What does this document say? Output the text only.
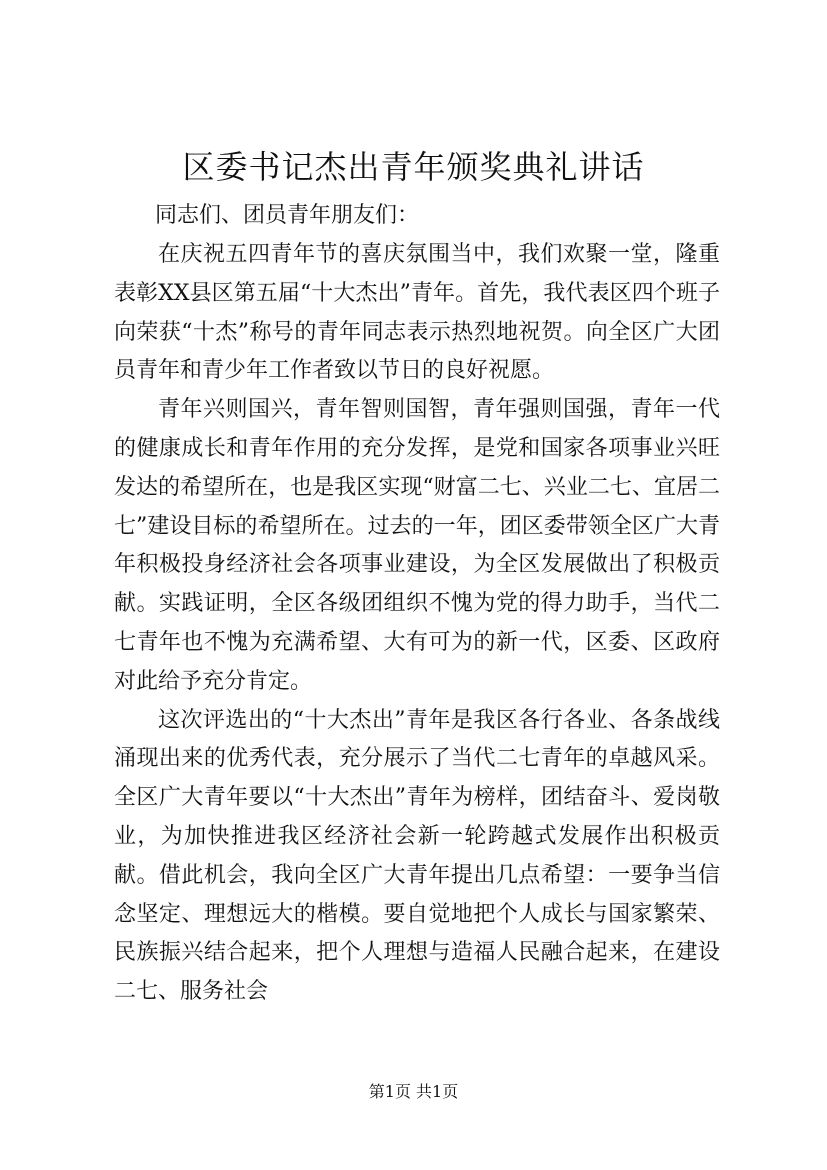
区委书记杰出青年颁奖典礼讲话
同志们、团员青年朋友们：

在庆祝五四青年节的喜庆氛围当中，我们欢聚一堂，隆重表彰XX县区第五届“十大杰出”青年。首先，我代表区四个班子向荣获“十杰”称号的青年同志表示热烈地祝贺。向全区广大团员青年和青少年工作者致以节日的良好祝愿。

青年兴则国兴，青年智则国智，青年强则国强，青年一代的健康成长和青年作用的充分发挥，是党和国家各项事业兴旺发达的希望所在，也是我区实现“财富二七、兴业二七、宜居二七”建设目标的希望所在。过去的一年，团区委带领全区广大青年积极投身经济社会各项事业建设，为全区发展做出了积极贡献。实践证明，全区各级团组织不愧为党的得力助手，当代二七青年也不愧为充满希望、大有可为的新一代，区委、区政府对此给予充分肯定。

这次评选出的“十大杰出”青年是我区各行各业、各条战线涌现出来的优秀代表，充分展示了当代二七青年的卓越风采。全区广大青年要以“十大杰出”青年为榜样，团结奋斗、爱岗敬业，为加快推进我区经济社会新一轮跨越式发展作出积极贡献。借此机会，我向全区广大青年提出几点希望：一要争当信念坚定、理想远大的楷模。要自觉地把个人成长与国家繁荣、民族振兴结合起来，把个人理想与造福人民融合起来，在建设二七、服务社会

第1页 共1页
